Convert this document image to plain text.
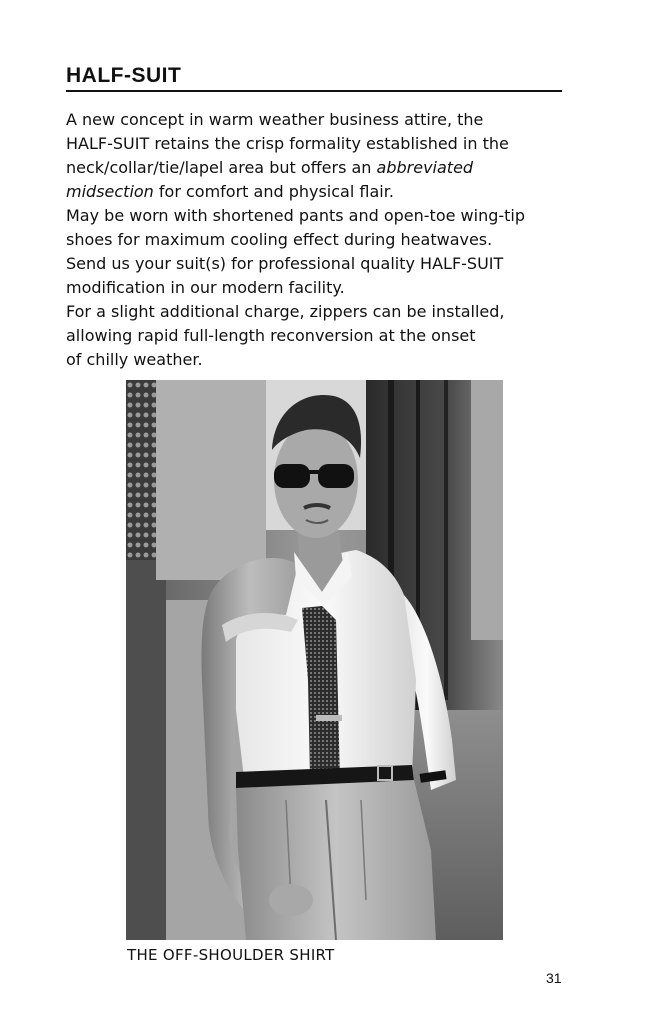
HALF-SUIT
A new concept in warm weather business attire, the
HALF-SUIT retains the crisp formality established in the
neck/collar/tie/lapel area but offers an abbreviated
midsection for comfort and physical flair.
May be worn with shortened pants and open-toe wing-tip
shoes for maximum cooling effect during heatwaves.
Send us your suit(s) for professional quality HALF-SUIT
modification in our modern facility.
For a slight additional charge, zippers can be installed,
allowing rapid full-length reconversion at the onset
of chilly weather.
THE OFF-SHOULDER SHIRT
31
